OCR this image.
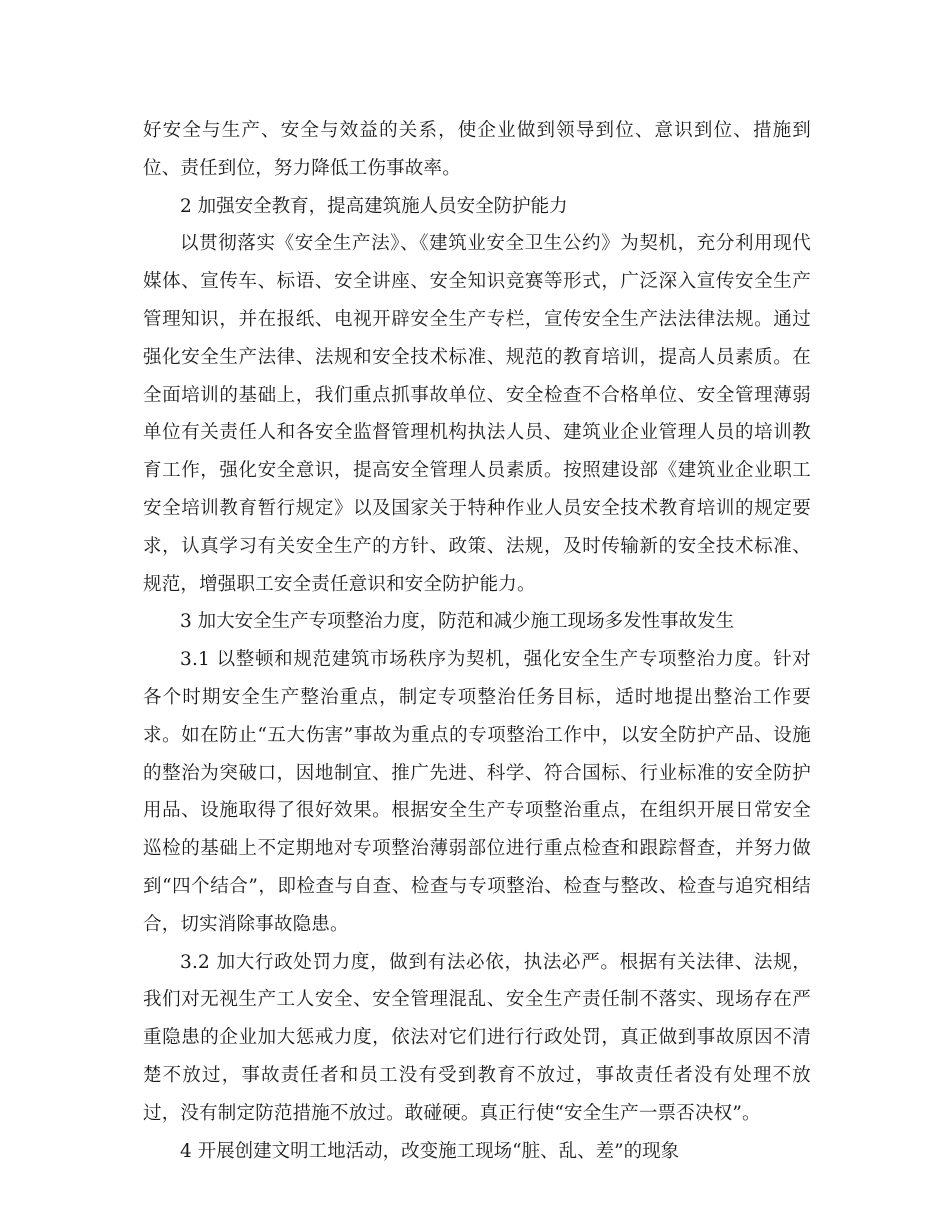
好安全与生产、安全与效益的关系，使企业做到领导到位、意识到位、措施到位、责任到位，努力降低工伤事故率。

2 加强安全教育，提高建筑施人员安全防护能力

以贯彻落实《安全生产法》、《建筑业安全卫生公约》为契机，充分利用现代媒体、宣传车、标语、安全讲座、安全知识竞赛等形式，广泛深入宣传安全生产管理知识，并在报纸、电视开辟安全生产专栏，宣传安全生产法法律法规。通过强化安全生产法律、法规和安全技术标准、规范的教育培训，提高人员素质。在全面培训的基础上，我们重点抓事故单位、安全检查不合格单位、安全管理薄弱单位有关责任人和各安全监督管理机构执法人员、建筑业企业管理人员的培训教育工作，强化安全意识，提高安全管理人员素质。按照建设部《建筑业企业职工安全培训教育暂行规定》以及国家关于特种作业人员安全技术教育培训的规定要求，认真学习有关安全生产的方针、政策、法规，及时传输新的安全技术标准、规范，增强职工安全责任意识和安全防护能力。

3 加大安全生产专项整治力度，防范和减少施工现场多发性事故发生

3.1 以整顿和规范建筑市场秩序为契机，强化安全生产专项整治力度。针对各个时期安全生产整治重点，制定专项整治任务目标，适时地提出整治工作要求。如在防止“五大伤害”事故为重点的专项整治工作中，以安全防护产品、设施的整治为突破口，因地制宜、推广先进、科学、符合国标、行业标准的安全防护用品、设施取得了很好效果。根据安全生产专项整治重点，在组织开展日常安全巡检的基础上不定期地对专项整治薄弱部位进行重点检查和跟踪督查，并努力做到“四个结合”，即检查与自查、检查与专项整治、检查与整改、检查与追究相结合，切实消除事故隐患。

3.2 加大行政处罚力度，做到有法必依，执法必严。根据有关法律、法规，我们对无视生产工人安全、安全管理混乱、安全生产责任制不落实、现场存在严重隐患的企业加大惩戒力度，依法对它们进行行政处罚，真正做到事故原因不清楚不放过，事故责任者和员工没有受到教育不放过，事故责任者没有处理不放过，没有制定防范措施不放过。敢碰硬。真正行使“安全生产一票否决权”。

4 开展创建文明工地活动，改变施工现场“脏、乱、差”的现象
